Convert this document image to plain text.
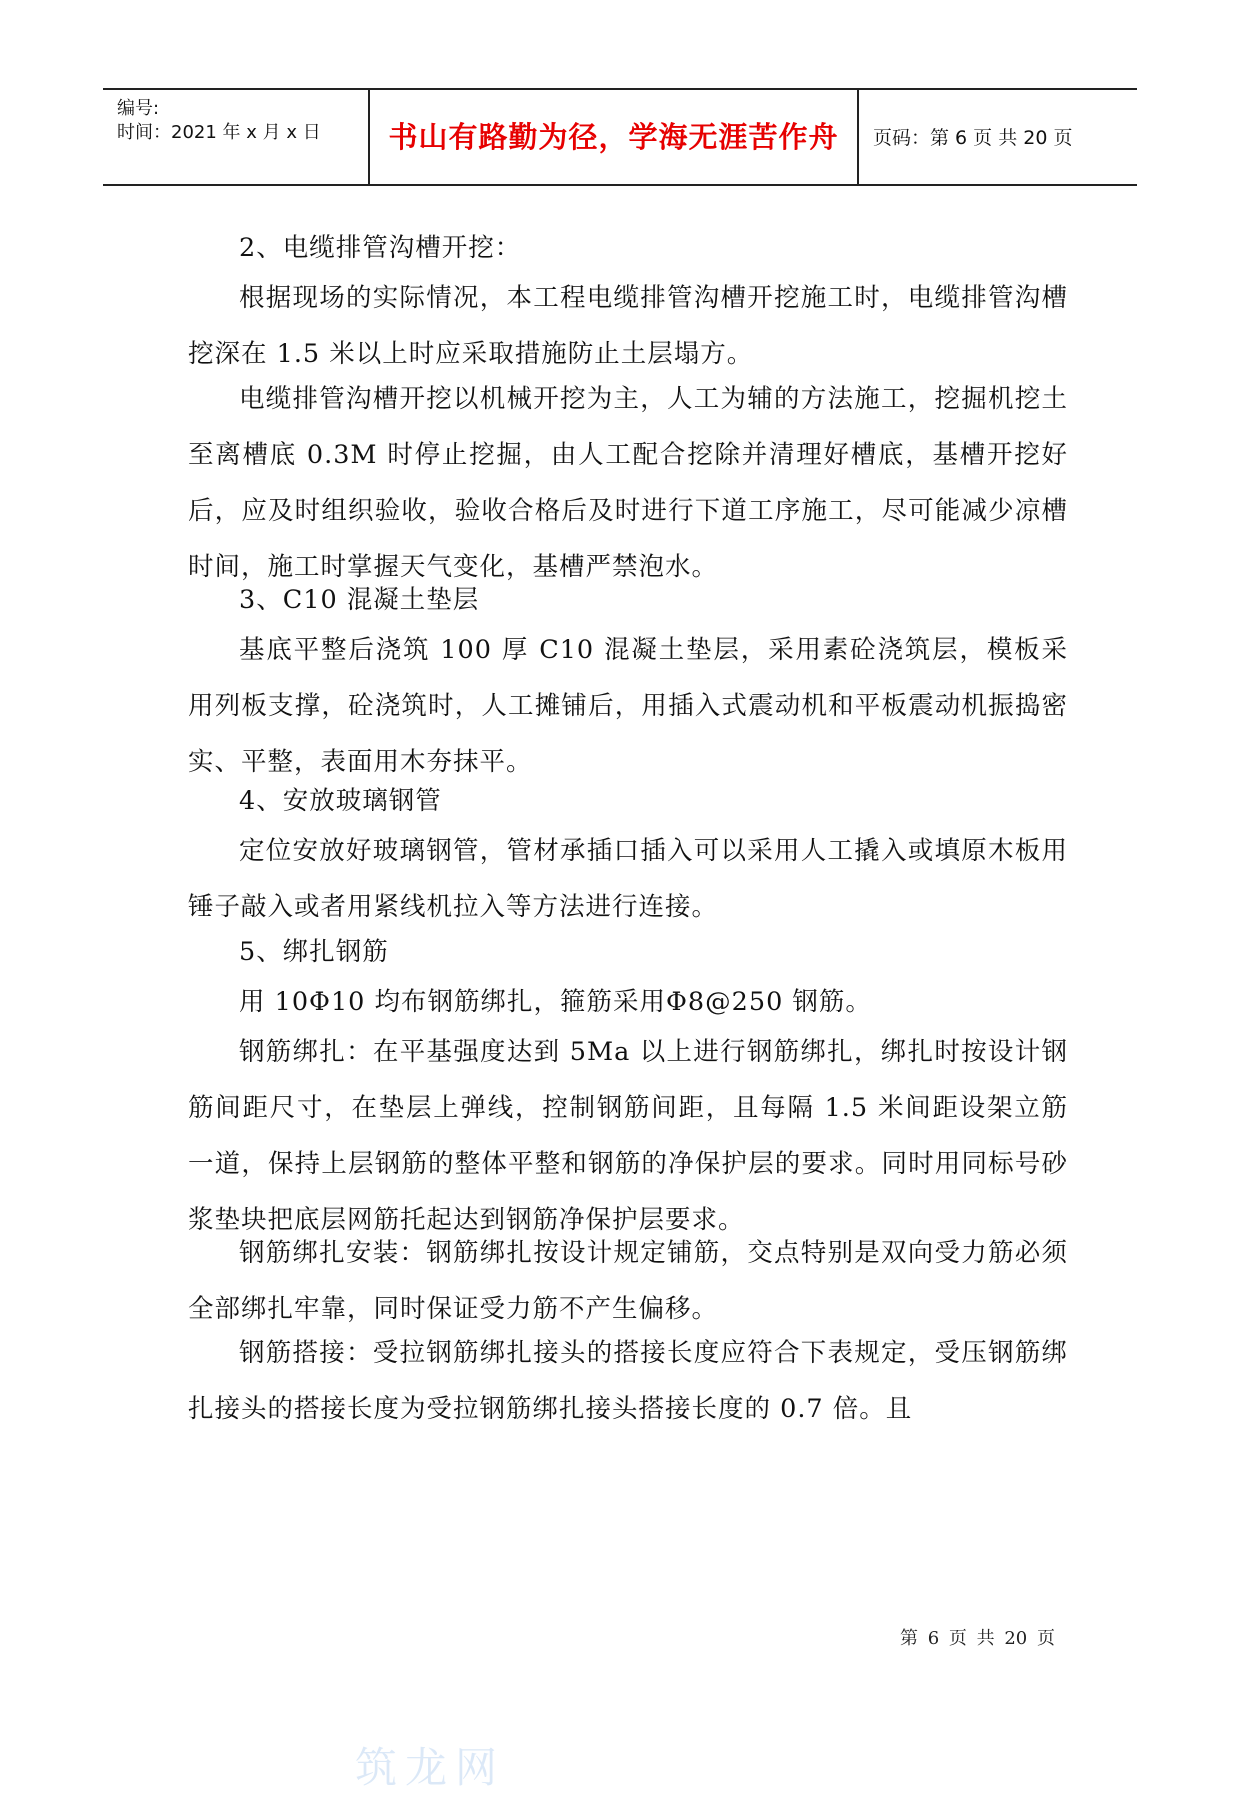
编号:
时间：2021 年 x 月 x 日	书山有路勤为径，学海无涯苦作舟	页码：第 6 页 共 20 页

2、电缆排管沟槽开挖：

根据现场的实际情况，本工程电缆排管沟槽开挖施工时，电缆排管沟槽挖深在 1.5 米以上时应采取措施防止土层塌方。

电缆排管沟槽开挖以机械开挖为主，人工为辅的方法施工，挖掘机挖土至离槽底 0.3M 时停止挖掘，由人工配合挖除并清理好槽底，基槽开挖好后，应及时组织验收，验收合格后及时进行下道工序施工，尽可能减少凉槽时间，施工时掌握天气变化，基槽严禁泡水。

3、C10 混凝土垫层

基底平整后浇筑 100 厚 C10 混凝土垫层，采用素砼浇筑层，模板采用列板支撑，砼浇筑时，人工摊铺后，用插入式震动机和平板震动机振捣密实、平整，表面用木夯抹平。

4、安放玻璃钢管

定位安放好玻璃钢管，管材承插口插入可以采用人工撬入或填原木板用锤子敲入或者用紧线机拉入等方法进行连接。

5、绑扎钢筋

用 10Φ10 均布钢筋绑扎，箍筋采用Φ8@250 钢筋。

钢筋绑扎：在平基强度达到 5Ma 以上进行钢筋绑扎，绑扎时按设计钢筋间距尺寸，在垫层上弹线，控制钢筋间距，且每隔 1.5 米间距设架立筋一道，保持上层钢筋的整体平整和钢筋的净保护层的要求。同时用同标号砂浆垫块把底层网筋托起达到钢筋净保护层要求。

钢筋绑扎安装：钢筋绑扎按设计规定铺筋，交点特别是双向受力筋必须全部绑扎牢靠，同时保证受力筋不产生偏移。

钢筋搭接：受拉钢筋绑扎接头的搭接长度应符合下表规定，受压钢筋绑扎接头的搭接长度为受拉钢筋绑扎接头搭接长度的 0.7 倍。且

第 6 页 共 20 页
筑龙网
